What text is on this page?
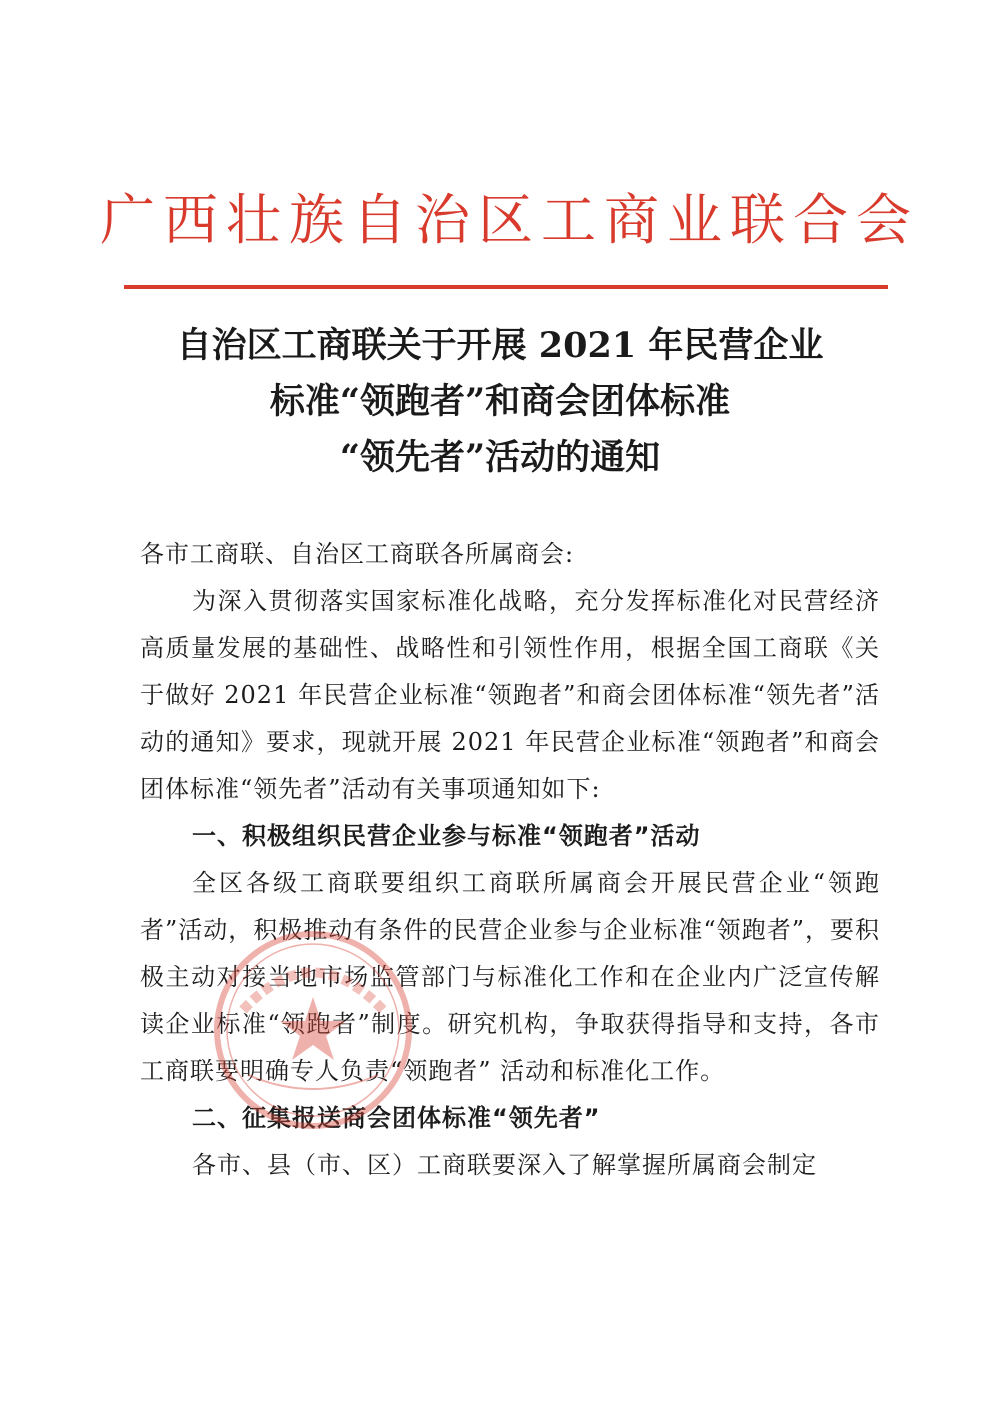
广西壮族自治区工商业联合会
自治区工商联关于开展 2021 年民营企业
标准“领跑者”和商会团体标准
“领先者”活动的通知

各市工商联、自治区工商联各所属商会:

为深入贯彻落实国家标准化战略，充分发挥标准化对民营经济高质量发展的基础性、战略性和引领性作用，根据全国工商联《关于做好 2021 年民营企业标准“领跑者”和商会团体标准“领先者”活动的通知》要求，现就开展 2021 年民营企业标准“领跑者”和商会团体标准“领先者”活动有关事项通知如下:

一、积极组织民营企业参与标准“领跑者”活动

全区各级工商联要组织工商联所属商会开展民营企业“领跑者”活动，积极推动有条件的民营企业参与企业标准“领跑者”，要积极主动对接当地市场监管部门与标准化工作和在企业内广泛宣传解读企业标准“领跑者”制度。研究机构，争取获得指导和支持，各市工商联要明确专人负责“领跑者” 活动和标准化工作。

二、征集报送商会团体标准“领先者”

各市、县（市、区）工商联要深入了解掌握所属商会制定
